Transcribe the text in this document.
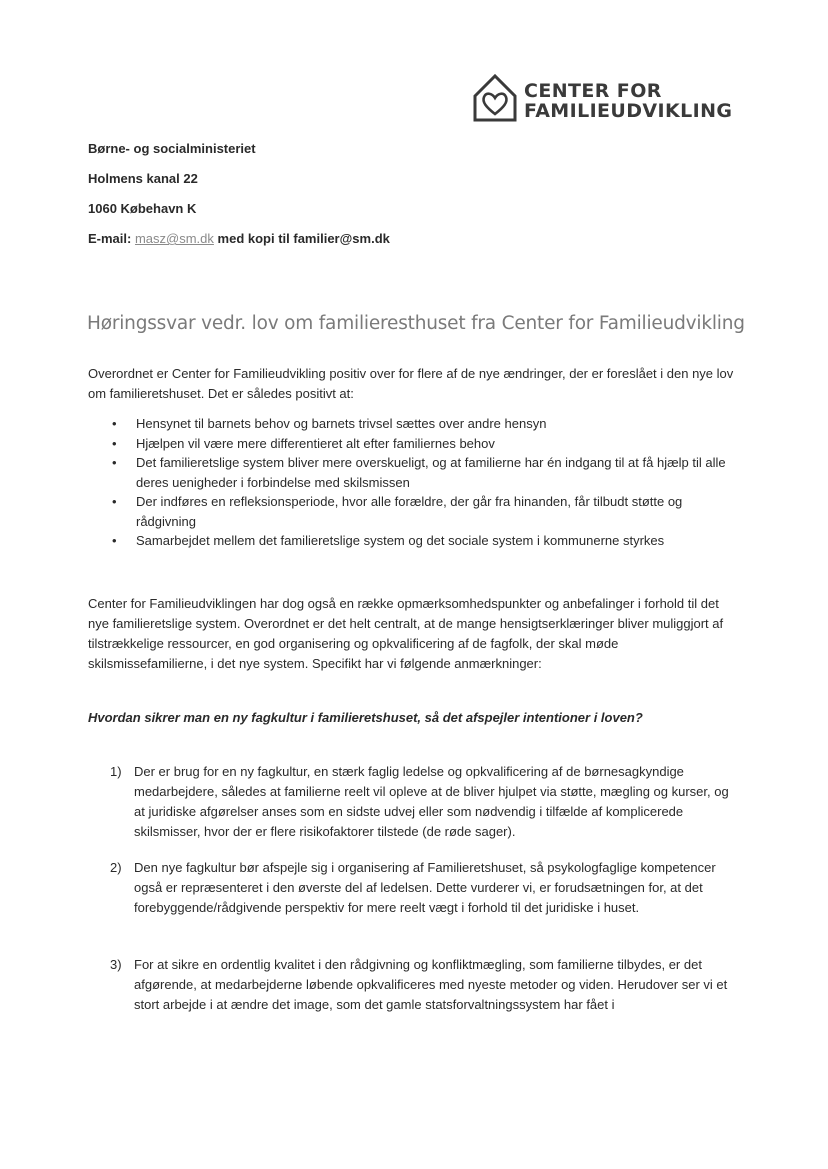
CENTER FOR
FAMILIEUDVIKLING
Børne- og socialministeriet
Holmens kanal 22
1060 Købehavn K
E-mail: masz@sm.dk med kopi til familier@sm.dk
Høringssvar vedr. lov om familieresthuset fra Center for Familieudvikling
Overordnet er Center for Familieudvikling positiv over for flere af de nye ændringer, der er foreslået i den nye lov om familieretshuset. Det er således positivt at:
• Hensynet til barnets behov og barnets trivsel sættes over andre hensyn
• Hjælpen vil være mere differentieret alt efter familiernes behov
• Det familieretslige system bliver mere overskueligt, og at familierne har én indgang til at få hjælp til alle deres uenigheder i forbindelse med skilsmissen
• Der indføres en refleksionsperiode, hvor alle forældre, der går fra hinanden, får tilbudt støtte og rådgivning
• Samarbejdet mellem det familieretslige system og det sociale system i kommunerne styrkes
Center for Familieudviklingen har dog også en række opmærksomhedspunkter og anbefalinger i forhold til det nye familieretslige system. Overordnet er det helt centralt, at de mange hensigtserklæringer bliver muliggjort af tilstrækkelige ressourcer, en god organisering og opkvalificering af de fagfolk, der skal møde skilsmissefamilierne, i det nye system. Specifikt har vi følgende anmærkninger:
Hvordan sikrer man en ny fagkultur i familieretshuset, så det afspejler intentioner i loven?
1) Der er brug for en ny fagkultur, en stærk faglig ledelse og opkvalificering af de børnesagkyndige medarbejdere, således at familierne reelt vil opleve at de bliver hjulpet via støtte, mægling og kurser, og at juridiske afgørelser anses som en sidste udvej eller som nødvendig i tilfælde af komplicerede skilsmisser, hvor der er flere risikofaktorer tilstede (de røde sager).
2) Den nye fagkultur bør afspejle sig i organisering af Familieretshuset, så psykologfaglige kompetencer også er repræsenteret i den øverste del af ledelsen. Dette vurderer vi, er forudsætningen for, at det forebyggende/rådgivende perspektiv for mere reelt vægt i forhold til det juridiske i huset.
3) For at sikre en ordentlig kvalitet i den rådgivning og konfliktmægling, som familierne tilbydes, er det afgørende, at medarbejderne løbende opkvalificeres med nyeste metoder og viden. Herudover ser vi et stort arbejde i at ændre det image, som det gamle statsforvaltningssystem har fået i
